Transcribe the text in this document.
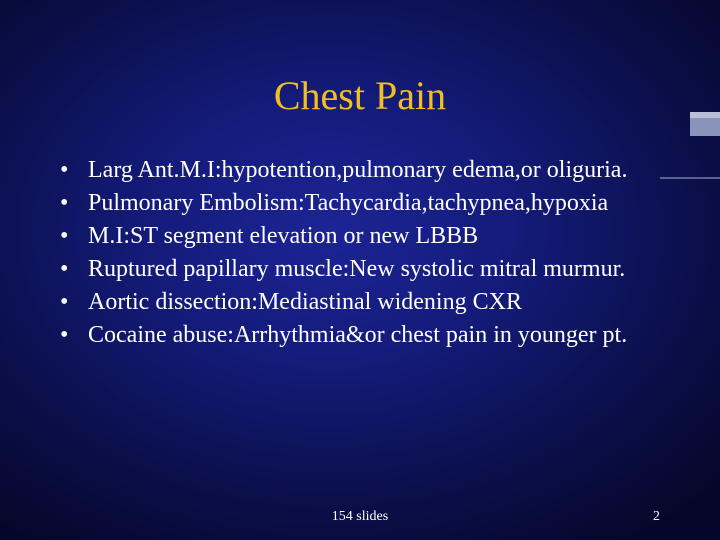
Chest Pain
• Larg Ant.M.I:hypotention,pulmonary edema,or oliguria.
• Pulmonary Embolism:Tachycardia,tachypnea,hypoxia
• M.I:ST segment elevation or new LBBB
• Ruptured papillary muscle:New systolic mitral murmur.
• Aortic dissection:Mediastinal widening CXR
• Cocaine abuse:Arrhythmia&or chest pain in younger pt.
154 slides	2
